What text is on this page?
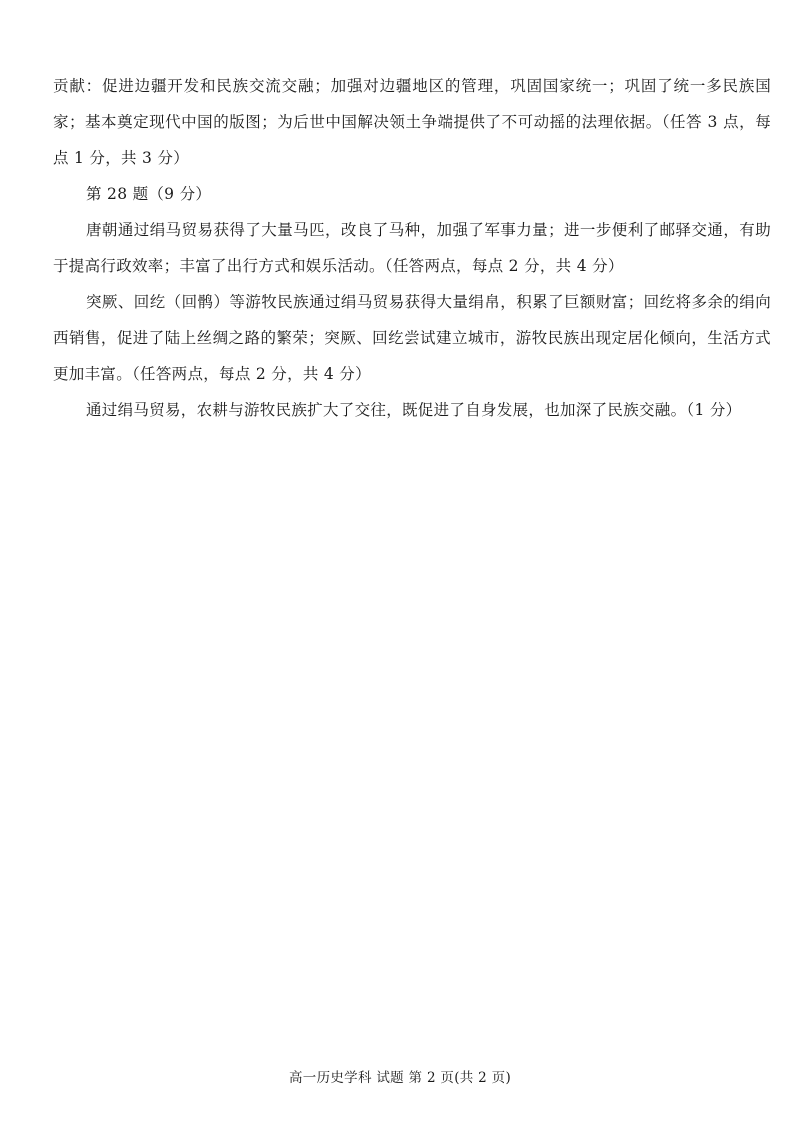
贡献：促进边疆开发和民族交流交融；加强对边疆地区的管理，巩固国家统一；巩固了统一多民族国家；基本奠定现代中国的版图；为后世中国解决领土争端提供了不可动摇的法理依据。（任答 3 点，每点 1 分，共 3 分）

第 28 题（9 分）

唐朝通过绢马贸易获得了大量马匹，改良了马种，加强了军事力量；进一步便利了邮驿交通，有助于提高行政效率；丰富了出行方式和娱乐活动。（任答两点，每点 2 分，共 4 分）

突厥、回纥（回鹘）等游牧民族通过绢马贸易获得大量绢帛，积累了巨额财富；回纥将多余的绢向西销售，促进了陆上丝绸之路的繁荣；突厥、回纥尝试建立城市，游牧民族出现定居化倾向，生活方式更加丰富。（任答两点，每点 2 分，共 4 分）

通过绢马贸易，农耕与游牧民族扩大了交往，既促进了自身发展，也加深了民族交融。（1 分）

高一历史学科 试题 第 2 页(共 2 页)
